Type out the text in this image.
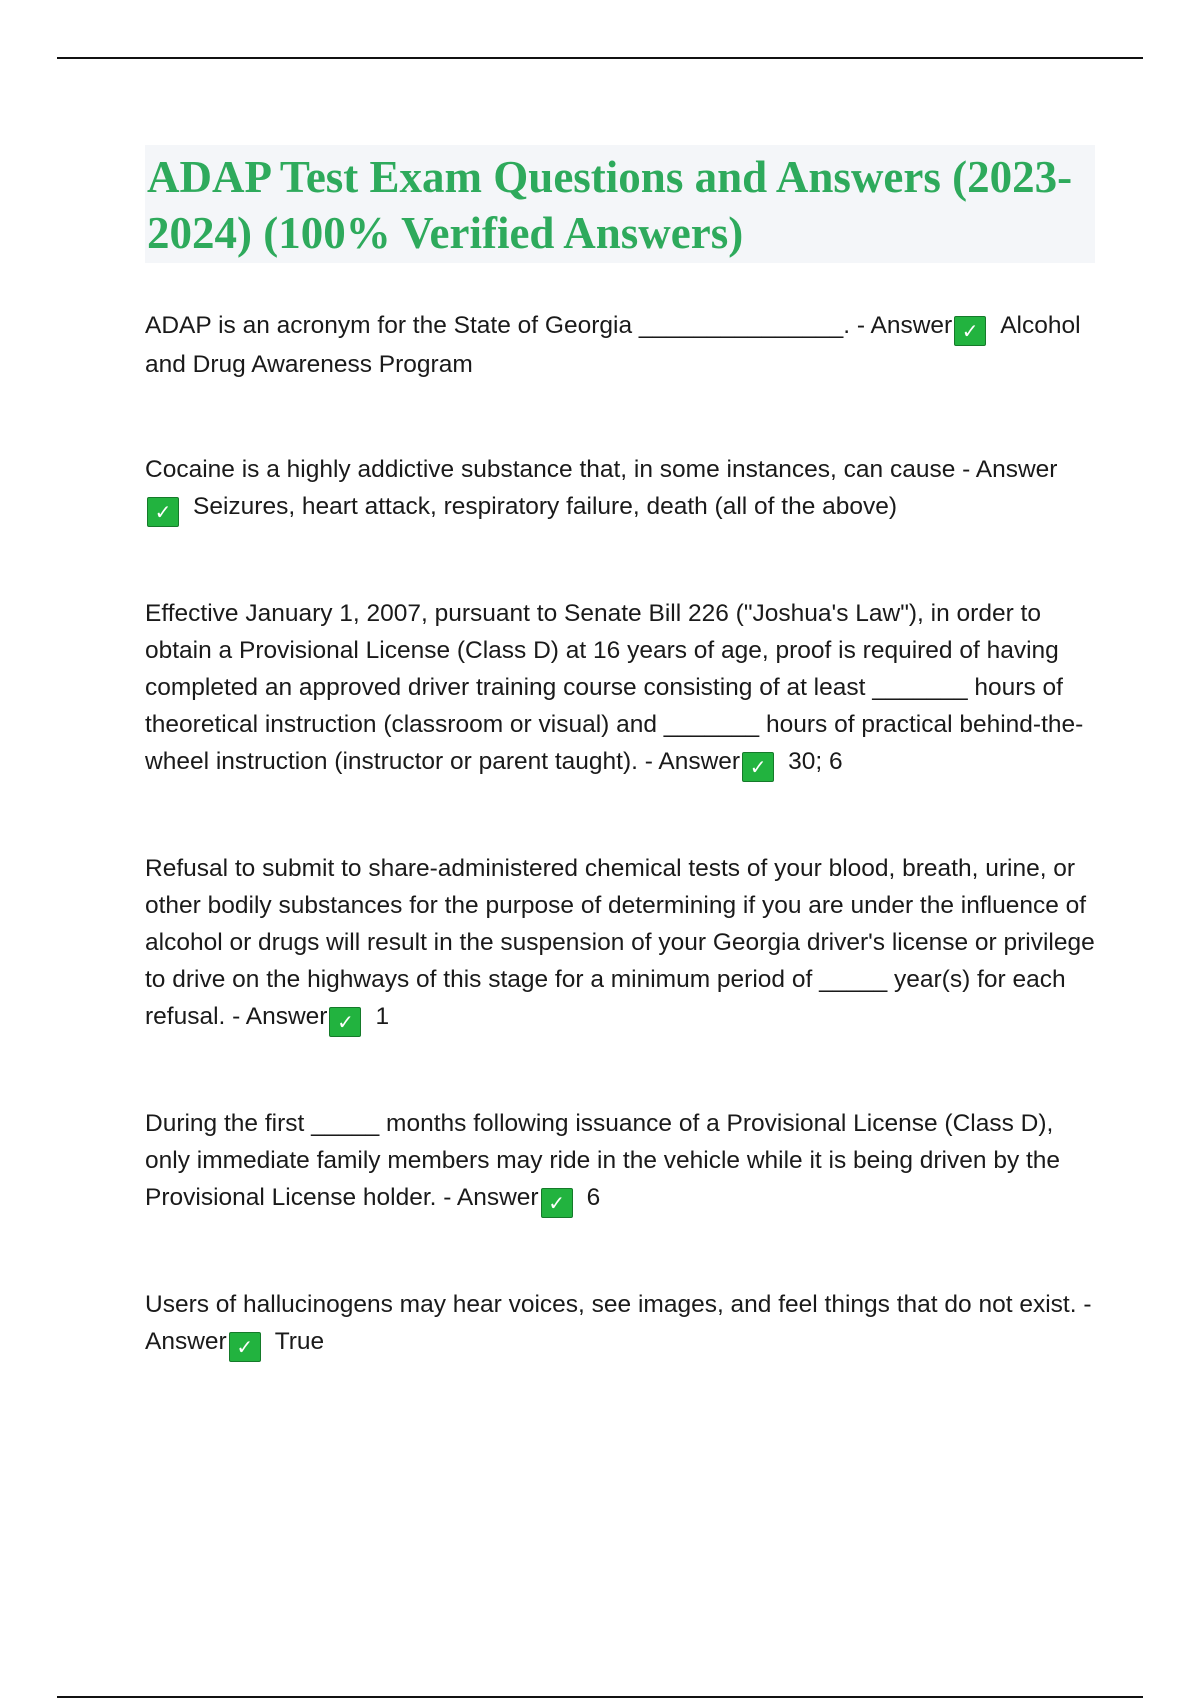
ADAP Test Exam Questions and Answers (2023-2024) (100% Verified Answers)

ADAP is an acronym for the State of Georgia _______________. - Answer ✓ Alcohol and Drug Awareness Program

Cocaine is a highly addictive substance that, in some instances, can cause - Answer✓ Seizures, heart attack, respiratory failure, death (all of the above)

Effective January 1, 2007, pursuant to Senate Bill 226 ("Joshua's Law"), in order to obtain a Provisional License (Class D) at 16 years of age, proof is required of having completed an approved driver training course consisting of at least _______ hours of theoretical instruction (classroom or visual) and _______ hours of practical behind-the-wheel instruction (instructor or parent taught). - Answer ✓ 30; 6

Refusal to submit to share-administered chemical tests of your blood, breath, urine, or other bodily substances for the purpose of determining if you are under the influence of alcohol or drugs will result in the suspension of your Georgia driver's license or privilege to drive on the highways of this stage for a minimum period of _____ year(s) for each refusal. - Answer ✓ 1

During the first _____ months following issuance of a Provisional License (Class D), only immediate family members may ride in the vehicle while it is being driven by the Provisional License holder. - Answer ✓ 6

Users of hallucinogens may hear voices, see images, and feel things that do not exist. - Answer ✓ True
